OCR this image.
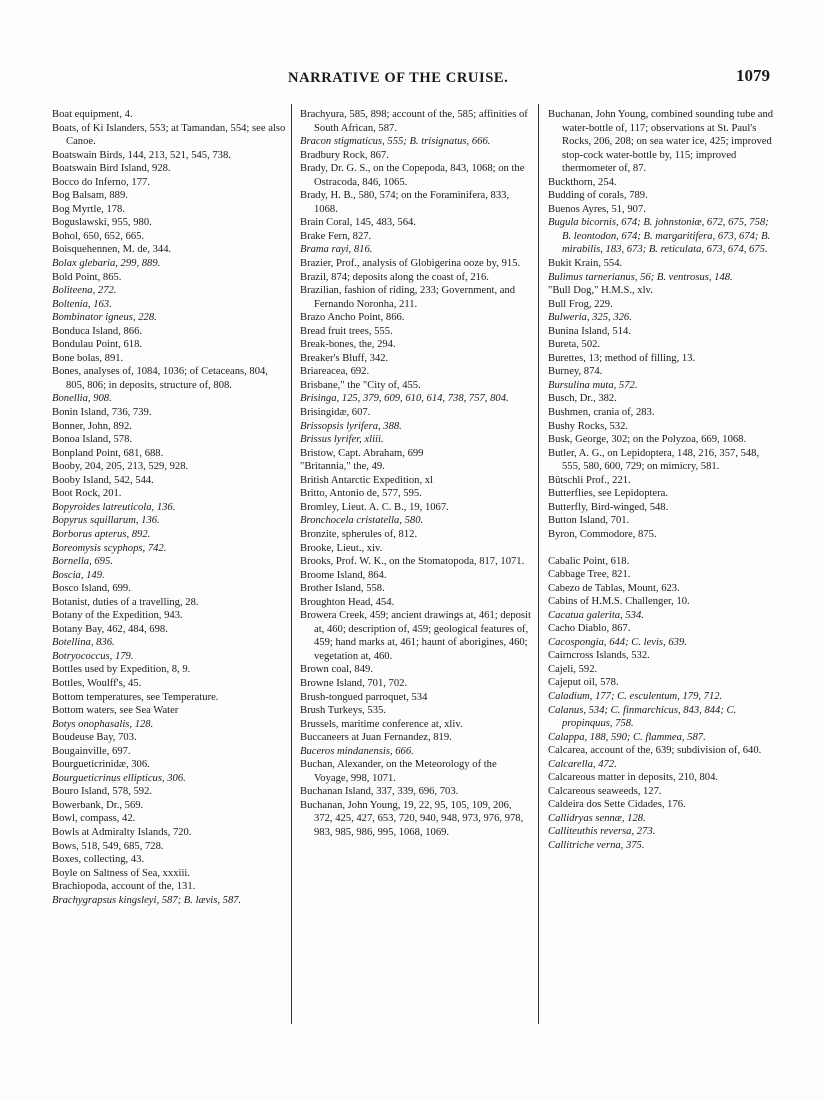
NARRATIVE OF THE CRUISE.	1079

Boat equipment, 4.

Boats, of Ki Islanders, 553; at Tamandan, 554; see also Canoe.

Boatswain Birds, 144, 213, 521, 545, 738.

Boatswain Bird Island, 928.

Bocco do Inferno, 177.

Bog Balsam, 889.

Bog Myrtle, 178.

Boguslawski, 955, 980.

Bohol, 650, 652, 665.

Boisquehennen, M. de, 344.

Bolax glebaria, 299, 889.

Bold Point, 865.

Boliteena, 272.

Boltenia, 163.

Bombinator igneus, 228.

Bonduca Island, 866.

Bondulau Point, 618.

Bone bolas, 891.

Bones, analyses of, 1084, 1036; of Cetaceans, 804, 805, 806; in deposits, structure of, 808.

Bonellia, 908.

Bonin Island, 736, 739.

Bonner, John, 892.

Bonoa Island, 578.

Bonpland Point, 681, 688.

Booby, 204, 205, 213, 529, 928.

Booby Island, 542, 544.

Boot Rock, 201.

Bopyroides latreuticola, 136.

Bopyrus squillarum, 136.

Borborus apterus, 892.

Boreomysis scyphops, 742.

Bornella, 695.

Boscia, 149.

Bosco Island, 699.

Botanist, duties of a travelling, 28.

Botany of the Expedition, 943.

Botany Bay, 462, 484, 698.

Botellina, 836.

Botryococcus, 179.

Bottles used by Expedition, 8, 9.

Bottles, Woulff's, 45.

Bottom temperatures, see Temperature.

Bottom waters, see Sea Water

Botys onophasalis, 128.

Boudeuse Bay, 703.

Bougainville, 697.

Bourgueticrinidæ, 306.

Bourgueticrinus ellipticus, 306.

Bouro Island, 578, 592.

Bowerbank, Dr., 569.

Bowl, compass, 42.

Bowls at Admiralty Islands, 720.

Bows, 518, 549, 685, 728.

Boxes, collecting, 43.

Boyle on Saltness of Sea, xxxiii.

Brachiopoda, account of the, 131.

Brachygrapsus kingsleyi, 587; B. lævis, 587.

Brachyura, 585, 898; account of the, 585; affinities of South African, 587.

Bracon stigmaticus, 555; B. trisignatus, 666.

Bradbury Rock, 867.

Brady, Dr. G. S., on the Copepoda, 843, 1068; on the Ostracoda, 846, 1065.

Brady, H. B., 580, 574; on the Foraminifera, 833, 1068.

Brain Coral, 145, 483, 564.

Brake Fern, 827.

Brama rayi, 816.

Brazier, Prof., analysis of Globigerina ooze by, 915.

Brazil, 874; deposits along the coast of, 216.

Brazilian, fashion of riding, 233; Government, and Fernando Noronha, 211.

Brazo Ancho Point, 866.

Bread fruit trees, 555.

Break-bones, the, 294.

Breaker's Bluff, 342.

Briareacea, 692.

Brisbane," the "City of, 455.

Brisinga, 125, 379, 609, 610, 614, 738, 757, 804.

Brisingidæ, 607.

Brissopsis lyrifera, 388.

Brissus lyrifer, xliii.

Bristow, Capt. Abraham, 699

"Britannia," the, 49.

British Antarctic Expedition, xl

Britto, Antonio de, 577, 595.

Bromley, Lieut. A. C. B., 19, 1067.

Bronchocela cristatella, 580.

Bronzite, spherules of, 812.

Brooke, Lieut., xiv.

Brooks, Prof. W. K., on the Stomatopoda, 817, 1071.

Broome Island, 864.

Brother Island, 558.

Broughton Head, 454.

Browera Creek, 459; ancient drawings at, 461; deposit at, 460; description of, 459; geological features of, 459; hand marks at, 461; haunt of aborigines, 460; vegetation at, 460.

Brown coal, 849.

Browne Island, 701, 702.

Brush-tongued parroquet, 534

Brush Turkeys, 535.

Brussels, maritime conference at, xliv.

Buccaneers at Juan Fernandez, 819.

Buceros mindanensis, 666.

Buchan, Alexander, on the Meteorology of the Voyage, 998, 1071.

Buchanan Island, 337, 339, 696, 703.

Buchanan, John Young, 19, 22, 95, 105, 109, 206, 372, 425, 427, 653, 720, 940, 948, 973, 976, 978, 983, 985, 986, 995, 1068, 1069.

Buchanan, John Young, combined sounding tube and water-bottle of, 117; observations at St. Paul's Rocks, 206, 208; on sea water ice, 425; improved stop-cock water-bottle by, 115; improved thermometer of, 87.

Buckthorn, 254.

Budding of corals, 789.

Buenos Ayres, 51, 907.

Bugula bicornis, 674; B. johnstoniæ, 672, 675, 758; B. leontodon, 674; B. margaritifera, 673, 674; B. mirabilis, 183, 673; B. reticulata, 673, 674, 675.

Bukit Krain, 554.

Bulimus tarnerianus, 56; B. ventrosus, 148.

"Bull Dog," H.M.S., xlv.

Bull Frog, 229.

Bulweria, 325, 326.

Bunina Island, 514.

Bureta, 502.

Burettes, 13; method of filling, 13.

Burney, 874.

Bursulina muta, 572.

Busch, Dr., 382.

Bushmen, crania of, 283.

Bushy Rocks, 532.

Busk, George, 302; on the Polyzoa, 669, 1068.

Butler, A. G., on Lepidoptera, 148, 216, 357, 548, 555, 580, 600, 729; on mimicry, 581.

Bütschli Prof., 221.

Butterflies, see Lepidoptera.

Butterfly, Bird-winged, 548.

Button Island, 701.

Byron, Commodore, 875.

Cabalic Point, 618.

Cabbage Tree, 821.

Cabezo de Tablas, Mount, 623.

Cabins of H.M.S. Challenger, 10.

Cacatua galerita, 534.

Cacho Diablo, 867.

Cacospongia, 644; C. levis, 639.

Cairncross Islands, 532.

Cajeli, 592.

Cajeput oil, 578.

Caladium, 177; C. esculentum, 179, 712.

Calanus, 534; C. finmarchicus, 843, 844; C. propinquus, 758.

Calappa, 188, 590; C. flammea, 587.

Calcarea, account of the, 639; subdivision of, 640.

Calcarella, 472.

Calcareous matter in deposits, 210, 804.

Calcareous seaweeds, 127.

Caldeira dos Sette Cidades, 176.

Callidryas sennæ, 128.

Calliteuthis reversa, 273.

Callitriche verna, 375.
